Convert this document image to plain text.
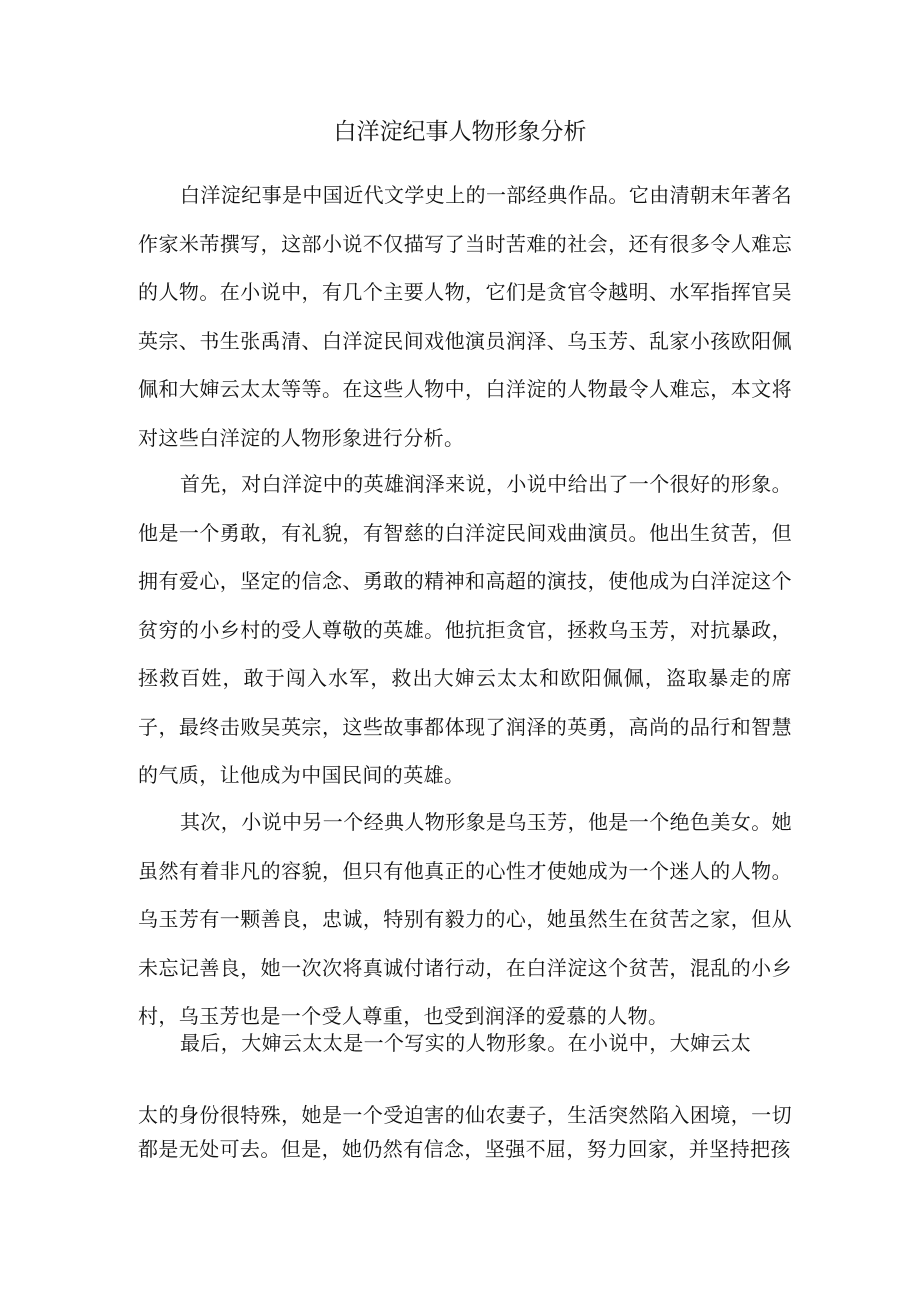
白洋淀纪事人物形象分析

白洋淀纪事是中国近代文学史上的一部经典作品。它由清朝末年著名作家米芾撰写，这部小说不仅描写了当时苦难的社会，还有很多令人难忘的人物。在小说中，有几个主要人物，它们是贪官令越明、水军指挥官吴英宗、书生张禹清、白洋淀民间戏他演员润泽、乌玉芳、乱家小孩欧阳佩佩和大婶云太太等等。在这些人物中，白洋淀的人物最令人难忘，本文将对这些白洋淀的人物形象进行分析。

首先，对白洋淀中的英雄润泽来说，小说中给出了一个很好的形象。他是一个勇敢，有礼貌，有智慈的白洋淀民间戏曲演员。他出生贫苦，但拥有爱心，坚定的信念、勇敢的精神和高超的演技，使他成为白洋淀这个贫穷的小乡村的受人尊敬的英雄。他抗拒贪官，拯救乌玉芳，对抗暴政，拯救百姓，敢于闯入水军，救出大婶云太太和欧阳佩佩，盗取暴走的席子，最终击败吴英宗，这些故事都体现了润泽的英勇，高尚的品行和智慧的气质，让他成为中国民间的英雄。

其次，小说中另一个经典人物形象是乌玉芳，他是一个绝色美女。她虽然有着非凡的容貌，但只有他真正的心性才使她成为一个迷人的人物。乌玉芳有一颗善良，忠诚，特别有毅力的心，她虽然生在贫苦之家，但从未忘记善良，她一次次将真诚付诸行动，在白洋淀这个贫苦，混乱的小乡村，乌玉芳也是一个受人尊重，也受到润泽的爱慕的人物。

最后，大婶云太太是一个写实的人物形象。在小说中，大婶云太

太的身份很特殊，她是一个受迫害的仙农妻子，生活突然陷入困境，一切都是无处可去。但是，她仍然有信念，坚强不屈，努力回家，并坚持把孩
